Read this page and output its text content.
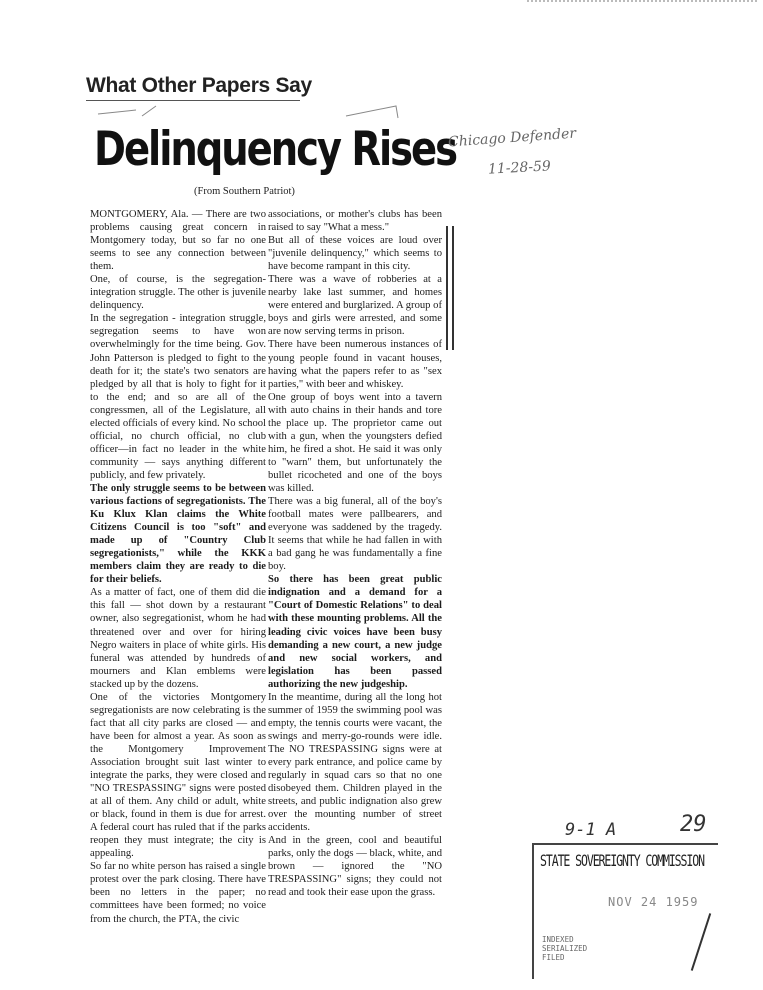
What Other Papers Say
Delinquency Rises
Chicago Defender
11-28-59
(From Southern Patriot)

MONTGOMERY, Ala. — There are two problems causing great concern in Montgomery today, but so far no one seems to see any connection between them.

One, of course, is the segregation-integration struggle. The other is juvenile delinquency.

In the segregation - integration struggle, segregation seems to have won overwhelmingly for the time being. Gov. John Patterson is pledged to fight to the death for it; the state's two senators are pledged by all that is holy to fight for it to the end; and so are all of the congressmen, all of the Legislature, all elected officials of every kind. No school official, no church official, no club officer—in fact no leader in the white community — says anything different publicly, and few privately.

The only struggle seems to be between various factions of segregationists. The Ku Klux Klan claims the White Citizens Council is too "soft" and made up of "Country Club segregationists," while the KKK members claim they are ready to die for their beliefs.

As a matter of fact, one of them did die this fall — shot down by a restaurant owner, also segregationist, whom he had threatened over and over for hiring Negro waiters in place of white girls. His funeral was attended by hundreds of mourners and Klan emblems were stacked up by the dozens.

One of the victories Montgomery segregationists are now celebrating is the fact that all city parks are closed — and have been for almost a year. As soon as the Montgomery Improvement Association brought suit last winter to integrate the parks, they were closed and "NO TRESPASSING" signs were posted at all of them. Any child or adult, white or black, found in them is due for arrest. A federal court has ruled that if the parks reopen they must integrate; the city is appealing.

So far no white person has raised a single protest over the park closing. There have been no letters in the paper; no committees have been formed; no voice from the church, the PTA, the civic

associations, or mother's clubs has been raised to say "What a mess."

But all of these voices are loud over "juvenile delinquency," which seems to have become rampant in this city.

There was a wave of robberies at a nearby lake last summer, and homes were entered and burglarized. A group of boys and girls were arrested, and some are now serving terms in prison.

There have been numerous instances of young people found in vacant houses, having what the papers refer to as "sex parties," with beer and whiskey.

One group of boys went into a tavern with auto chains in their hands and tore the place up. The proprietor came out with a gun, when the youngsters defied him, he fired a shot. He said it was only to "warn" them, but unfortunately the bullet ricocheted and one of the boys was killed.

There was a big funeral, all of the boy's football mates were pallbearers, and everyone was saddened by the tragedy. It seems that while he had fallen in with a bad gang he was fundamentally a fine boy.

So there has been great public indignation and a demand for a "Court of Domestic Relations" to deal with these mounting problems. All the leading civic voices have been busy demanding a new court, a new judge and new social workers, and legislation has been passed authorizing the new judgeship.

In the meantime, during all the long hot summer of 1959 the swimming pool was empty, the tennis courts were vacant, the swings and merry-go-rounds were idle. The NO TRESPASSING signs were at every park entrance, and police came by regularly in squad cars so that no one disobeyed them. Children played in the streets, and public indignation also grew over the mounting number of street accidents.

And in the green, cool and beautiful parks, only the dogs — black, white, and brown — ignored the "NO TRESPASSING" signs; they could not read and took their ease upon the grass.

9-1 A	29
STATE SOVEREIGNTY COMMISSION
NOV 24 1959
INDEXED
SERIALIZED
FILED
